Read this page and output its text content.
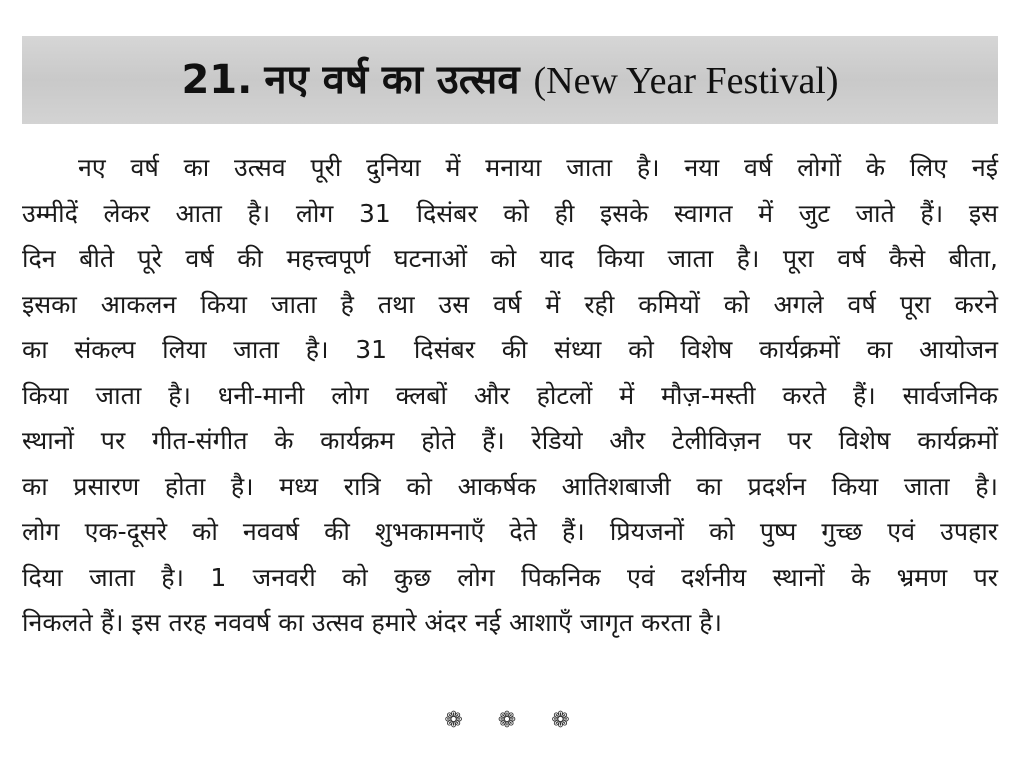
21. नए वर्ष का उत्सव (New Year Festival)
नए वर्ष का उत्सव पूरी दुनिया में मनाया जाता है। नया वर्ष लोगों के लिए नई
उम्मीदें लेकर आता है। लोग 31 दिसंबर को ही इसके स्वागत में जुट जाते हैं। इस
दिन बीते पूरे वर्ष की महत्त्वपूर्ण घटनाओं को याद किया जाता है। पूरा वर्ष कैसे बीता,
इसका आकलन किया जाता है तथा उस वर्ष में रही कमियों को अगले वर्ष पूरा करने
का संकल्प लिया जाता है। 31 दिसंबर की संध्या को विशेष कार्यक्रमों का आयोजन
किया जाता है। धनी-मानी लोग क्लबों और होटलों में मौज़-मस्ती करते हैं। सार्वजनिक
स्थानों पर गीत-संगीत के कार्यक्रम होते हैं। रेडियो और टेलीविज़न पर विशेष कार्यक्रमों
का प्रसारण होता है। मध्य रात्रि को आकर्षक आतिशबाजी का प्रदर्शन किया जाता है।
लोग एक-दूसरे को नववर्ष की शुभकामनाएँ देते हैं। प्रियजनों को पुष्प गुच्छ एवं उपहार
दिया जाता है। 1 जनवरी को कुछ लोग पिकनिक एवं दर्शनीय स्थानों के भ्रमण पर
निकलते हैं। इस तरह नववर्ष का उत्सव हमारे अंदर नई आशाएँ जागृत करता है।
❁ ❁ ❁
